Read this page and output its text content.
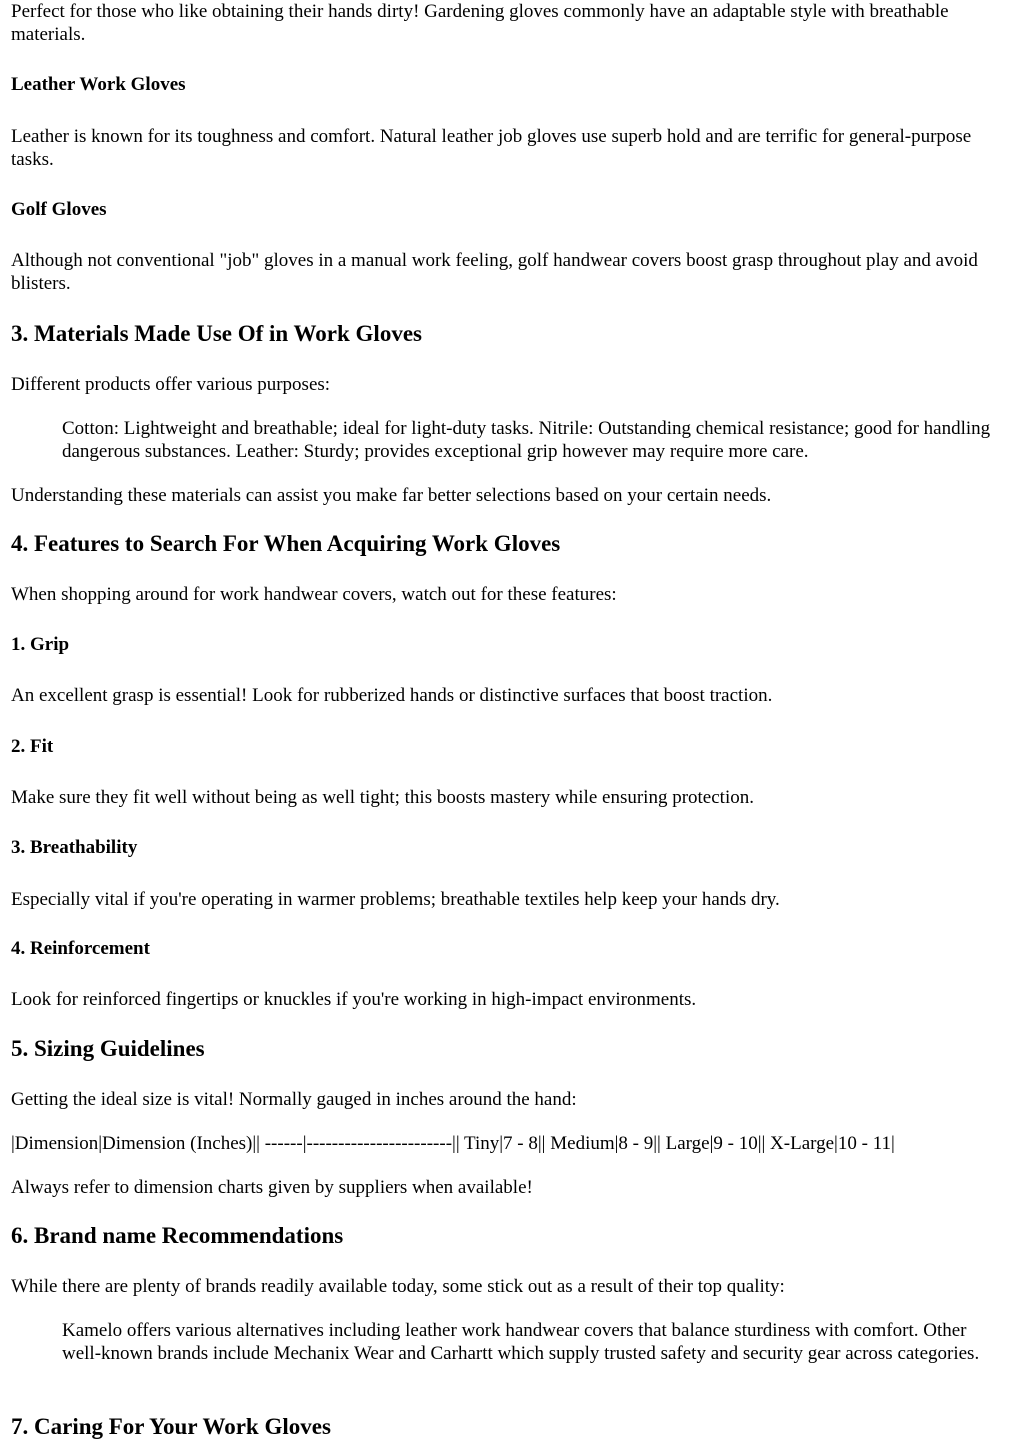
Perfect for those who like obtaining their hands dirty! Gardening gloves commonly have an adaptable style with breathable materials.

Leather Work Gloves

Leather is known for its toughness and comfort. Natural leather job gloves use superb hold and are terrific for general-purpose tasks.

Golf Gloves

Although not conventional "job" gloves in a manual work feeling, golf handwear covers boost grasp throughout play and avoid blisters.

3. Materials Made Use Of in Work Gloves

Different products offer various purposes:

Cotton: Lightweight and breathable; ideal for light-duty tasks. Nitrile: Outstanding chemical resistance; good for handling dangerous substances. Leather: Sturdy; provides exceptional grip however may require more care.

Understanding these materials can assist you make far better selections based on your certain needs.

4. Features to Search For When Acquiring Work Gloves

When shopping around for work handwear covers, watch out for these features:

1. Grip

An excellent grasp is essential! Look for rubberized hands or distinctive surfaces that boost traction.

2. Fit

Make sure they fit well without being as well tight; this boosts mastery while ensuring protection.

3. Breathability

Especially vital if you're operating in warmer problems; breathable textiles help keep your hands dry.

4. Reinforcement

Look for reinforced fingertips or knuckles if you're working in high-impact environments.

5. Sizing Guidelines

Getting the ideal size is vital! Normally gauged in inches around the hand:

|Dimension|Dimension (Inches)|| ------|-----------------------|| Tiny|7 - 8|| Medium|8 - 9|| Large|9 - 10|| X-Large|10 - 11|

Always refer to dimension charts given by suppliers when available!

6. Brand name Recommendations

While there are plenty of brands readily available today, some stick out as a result of their top quality:

Kamelo offers various alternatives including leather work handwear covers that balance sturdiness with comfort. Other well-known brands include Mechanix Wear and Carhartt which supply trusted safety and security gear across categories.
7. Caring For Your Work Gloves
